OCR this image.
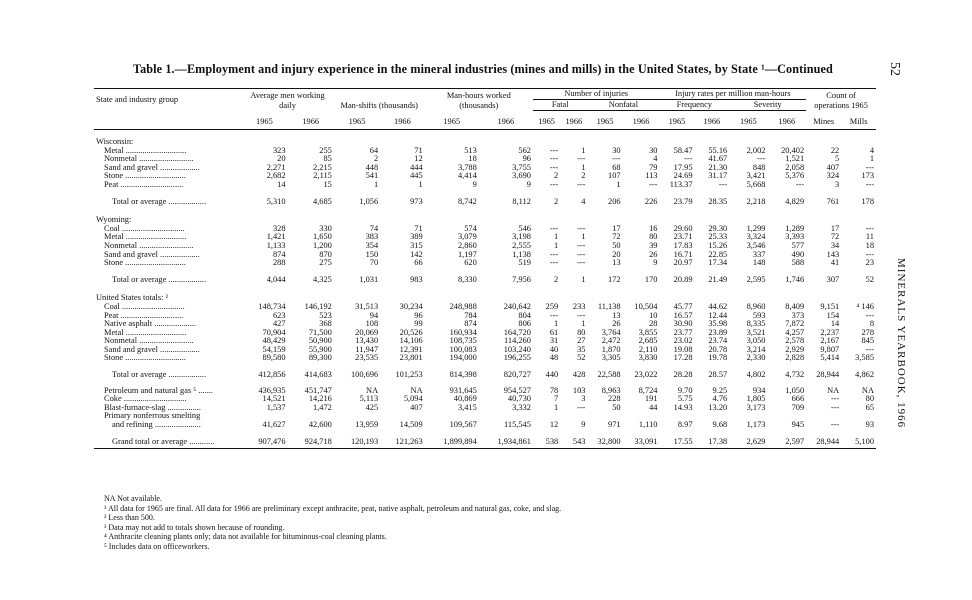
Table 1.—Employment and injury experience in the mineral industries (mines and mills) in the United States, by State ¹—Continued	52
MINERALS YEARBOOK, 1966
State and industry group	Average men working daily		Man-shifts (thousands)		Man-hours worked (thousands)		Number of injuries				Injury rates per million man-hours				Count of operations 1965	
							Fatal		Nonfatal		Frequency		Severity			
	1965	1966	1965	1966	1965	1966	1965	1966	1965	1966	1965	1966	1965	1966	Mines	Mills

Wisconsin:																
Metal .............................	323	255	64	71	513	562	---	1	30	30	58.47	55.16	2,002	20,402	22	4
Nonmetal ..........................	20	85	2	12	18	96	---	---	---	4	---	41.67	---	1,521	5	1
Sand and gravel ...................	2,271	2,215	448	444	3,788	3,755	---	1	68	79	17.95	21.30	848	2,058	407	---
Stone .............................	2,682	2,115	541	445	4,414	3,690	2	2	107	113	24.69	31.17	3,421	5,376	324	173
Peat ..............................	14	15	1	1	9	9	---	---	1	---	113.37	---	5,668	---	3	---

Total or average ..................	5,310	4,685	1,056	973	8,742	8,112	2	4	206	226	23.79	28.35	2,218	4,829	761	178

Wyoming:																
Coal ..............................	328	330	74	71	574	546	---	---	17	16	29.60	29.30	1,299	1,289	17	---
Metal .............................	1,421	1,650	383	389	3,079	3,198	1	1	72	80	23.71	25.33	3,324	3,393	72	11
Nonmetal ..........................	1,133	1,200	354	315	2,860	2,555	1	---	50	39	17.83	15.26	3,546	577	34	18
Sand and gravel ...................	874	870	150	142	1,197	1,138	---	---	20	26	16.71	22.85	337	490	143	---
Stone .............................	288	275	70	66	620	519	---	---	13	9	20.97	17.34	148	588	41	23

Total or average ..................	4,044	4,325	1,031	983	8,330	7,956	2	1	172	170	20.89	21.49	2,595	1,746	307	52

United States totals: ²																
Coal ..............................	148,734	146,192	31,513	30,234	248,988	240,642	259	233	11,138	10,504	45.77	44.62	8,960	8,409	9,151	⁴ 146
Peat ..............................	623	523	94	96	784	804	---	---	13	10	16.57	12.44	593	373	154	---
Native asphalt ....................	427	368	108	99	874	806	1	1	26	28	30.90	35.98	8,335	7,872	14	8
Metal .............................	70,904	71,500	20,069	20,526	160,934	164,720	61	80	3,764	3,855	23.77	23.89	3,521	4,257	2,237	278
Nonmetal ..........................	48,429	50,900	13,430	14,106	108,735	114,260	31	27	2,472	2,685	23.02	23.74	3,050	2,578	2,167	845
Sand and gravel ...................	54,159	55,900	11,947	12,391	100,083	103,240	40	35	1,870	2,110	19.08	20.78	3,214	2,929	9,807	---
Stone .............................	89,580	89,300	23,535	23,801	194,000	196,255	48	52	3,305	3,830	17.28	19.78	2,330	2,828	5,414	3,585

Total or average ..................	412,856	414,683	100,696	101,253	814,398	820,727	440	428	22,588	23,022	28.28	28.57	4,802	4,732	28,944	4,862

Petroleum and natural gas ⁵ .......	436,935	451,747	NA	NA	931,645	954,527	78	103	8,963	8,724	9.70	9.25	934	1,050	NA	NA
Coke ..............................	14,521	14,216	5,113	5,094	40,869	40,730	7	3	228	191	5.75	4.76	1,805	666	---	80
Blast-furnace-slag ................	1,537	1,472	425	407	3,415	3,332	1	---	50	44	14.93	13.20	3,173	709	---	65
Primary nonferrous smelting																
and refining ......................	41,627	42,600	13,959	14,509	109,567	115,545	12	9	971	1,110	8.97	9.68	1,173	945	---	93

Grand total or average ............	907,476	924,718	120,193	121,263	1,899,894	1,934,861	538	543	32,800	33,091	17.55	17.38	2,629	2,597	28,944	5,100
NA Not available.
¹ All data for 1965 are final. All data for 1966 are preliminary except anthracite, peat, native asphalt, petroleum and natural gas, coke, and slag.
² Less than 500.
³ Data may not add to totals shown because of rounding.
⁴ Anthracite cleaning plants only; data not available for bituminous-coal cleaning plants.
⁵ Includes data on officeworkers.
